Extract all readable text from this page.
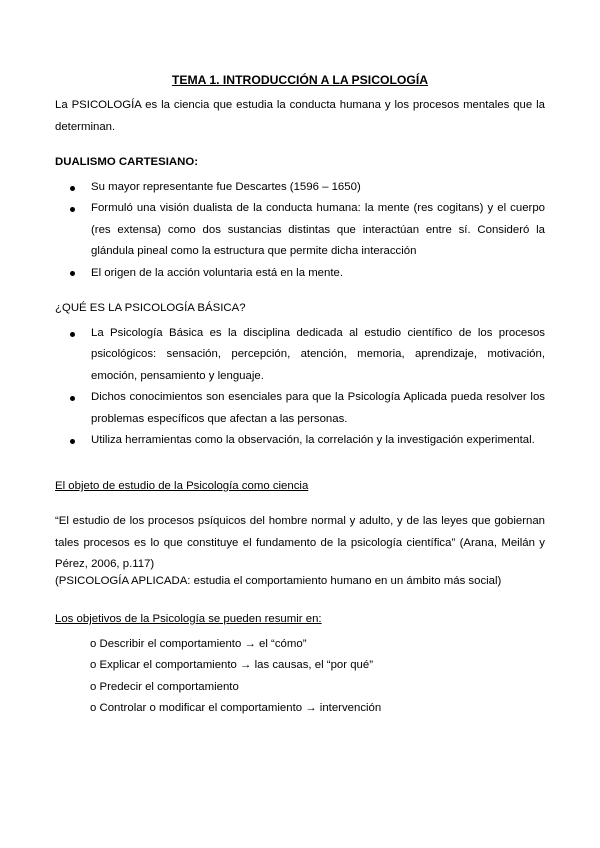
TEMA 1. INTRODUCCIÓN A LA PSICOLOGÍA
La PSICOLOGÍA es la ciencia que estudia la conducta humana y los procesos mentales que la determinan.
DUALISMO CARTESIANO:
Su mayor representante fue Descartes (1596 – 1650)
Formuló una visión dualista de la conducta humana: la mente (res cogitans) y el cuerpo (res extensa) como dos sustancias distintas que interactúan entre sí. Consideró la glándula pineal como la estructura que permite dicha interacción
El origen de la acción voluntaria está en la mente.
¿QUÉ ES LA PSICOLOGÍA BÁSICA?
La Psicología Básica es la disciplina dedicada al estudio científico de los procesos psicológicos: sensación, percepción, atención, memoria, aprendizaje, motivación, emoción, pensamiento y lenguaje.
Dichos conocimientos son esenciales para que la Psicología Aplicada pueda resolver los problemas específicos que afectan a las personas.
Utiliza herramientas como la observación, la correlación y la investigación experimental.
El objeto de estudio de la Psicología como ciencia
“El estudio de los procesos psíquicos del hombre normal y adulto, y de las leyes que gobiernan tales procesos es lo que constituye el fundamento de la psicología científica” (Arana, Meilán y Pérez, 2006, p.117)
(PSICOLOGÍA APLICADA: estudia el comportamiento humano en un ámbito más social)
Los objetivos de la Psicología se pueden resumir en:
o Describir el comportamiento → el “cómo”
o Explicar el comportamiento → las causas, el “por qué”
o Predecir el comportamiento
o Controlar o modificar el comportamiento → intervención
